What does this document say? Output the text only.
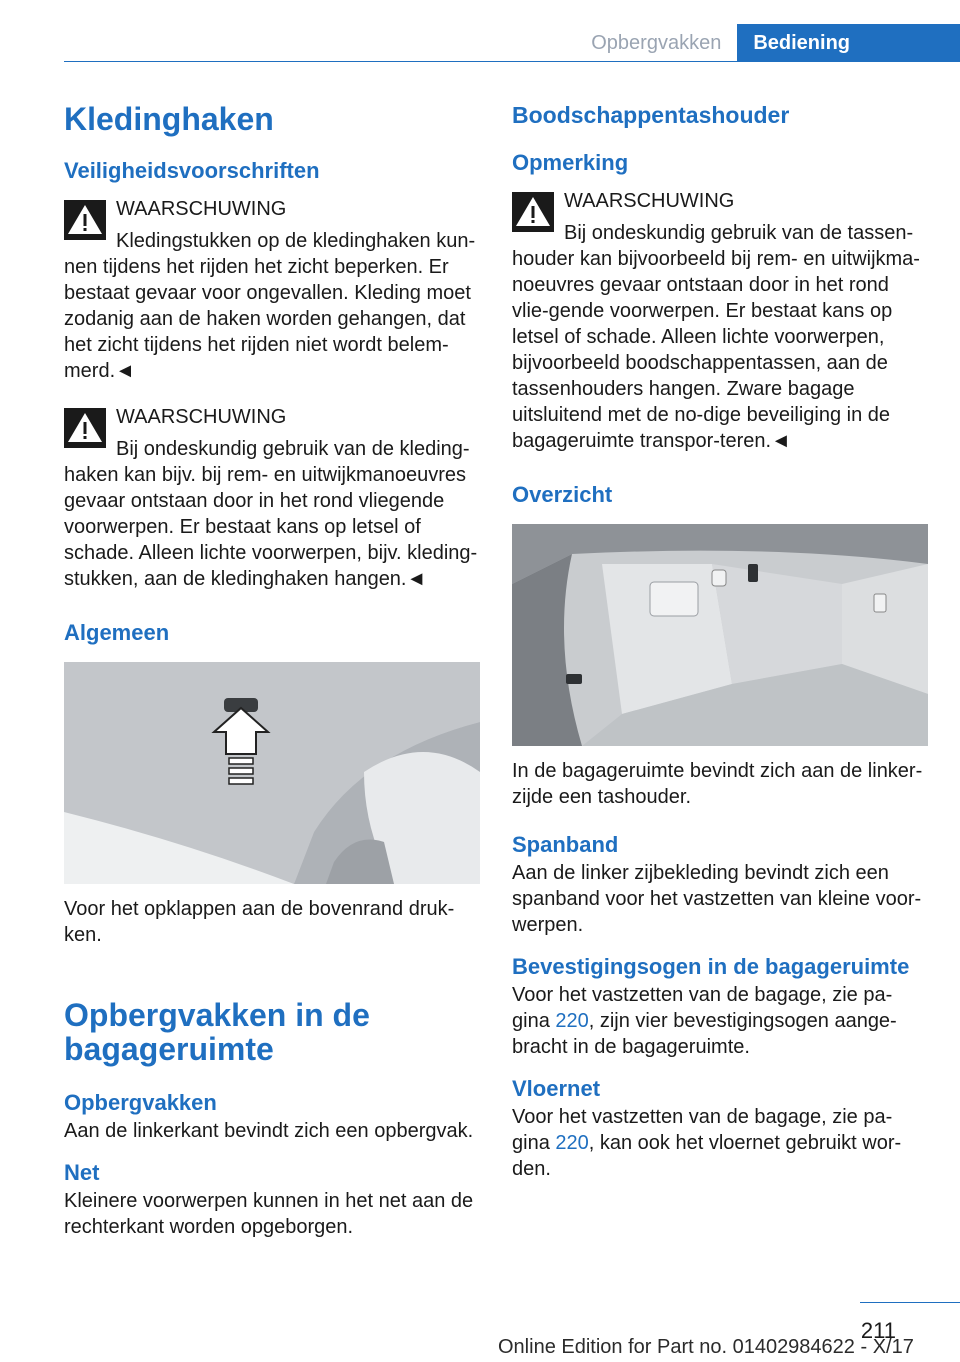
Opbergvakken	Bediening
Kledinghaken
Veiligheidsvoorschriften
WAARSCHUWING
Kledingstukken op de kledinghaken kun-
nen tijdens het rijden het zicht beperken. Er bestaat gevaar voor ongevallen. Kleding moet zodanig aan de haken worden gehangen, dat het zicht tijdens het rijden niet wordt belem-merd.◄
WAARSCHUWING
Bij ondeskundig gebruik van de kleding-
haken kan bijv. bij rem- en uitwijkmanoeuvres gevaar ontstaan door in het rond vliegende voorwerpen. Er bestaat kans op letsel of schade. Alleen lichte voorwerpen, bijv. kleding-stukken, aan de kledinghaken hangen.◄
Algemeen

Voor het opklappen aan de bovenrand druk-ken.

Opbergvakken in de bagageruimte
Opbergvakken

Aan de linkerkant bevindt zich een opbergvak.

Net

Kleinere voorwerpen kunnen in het net aan de rechterkant worden opgeborgen.

Boodschappentashouder
Opmerking
WAARSCHUWING
Bij ondeskundig gebruik van de tassen-
houder kan bijvoorbeeld bij rem- en uitwijkma-noeuvres gevaar ontstaan door in het rond vlie-gende voorwerpen. Er bestaat kans op letsel of schade. Alleen lichte voorwerpen, bijvoorbeeld boodschappentassen, aan de tassenhouders hangen. Zware bagage uitsluitend met de no-dige beveiliging in de bagageruimte transpor-teren.◄
Overzicht

In de bagageruimte bevindt zich aan de linker-zijde een tashouder.

Spanband

Aan de linker zijbekleding bevindt zich een spanband voor het vastzetten van kleine voor-werpen.

Bevestigingsogen in de bagageruimte

Voor het vastzetten van de bagage, zie pa-gina 220, zijn vier bevestigingsogen aange-bracht in de bagageruimte.

Vloernet

Voor het vastzetten van de bagage, zie pa-gina 220, kan ook het vloernet gebruikt wor-den.

211
Online Edition for Part no. 01402984622 - X/17
